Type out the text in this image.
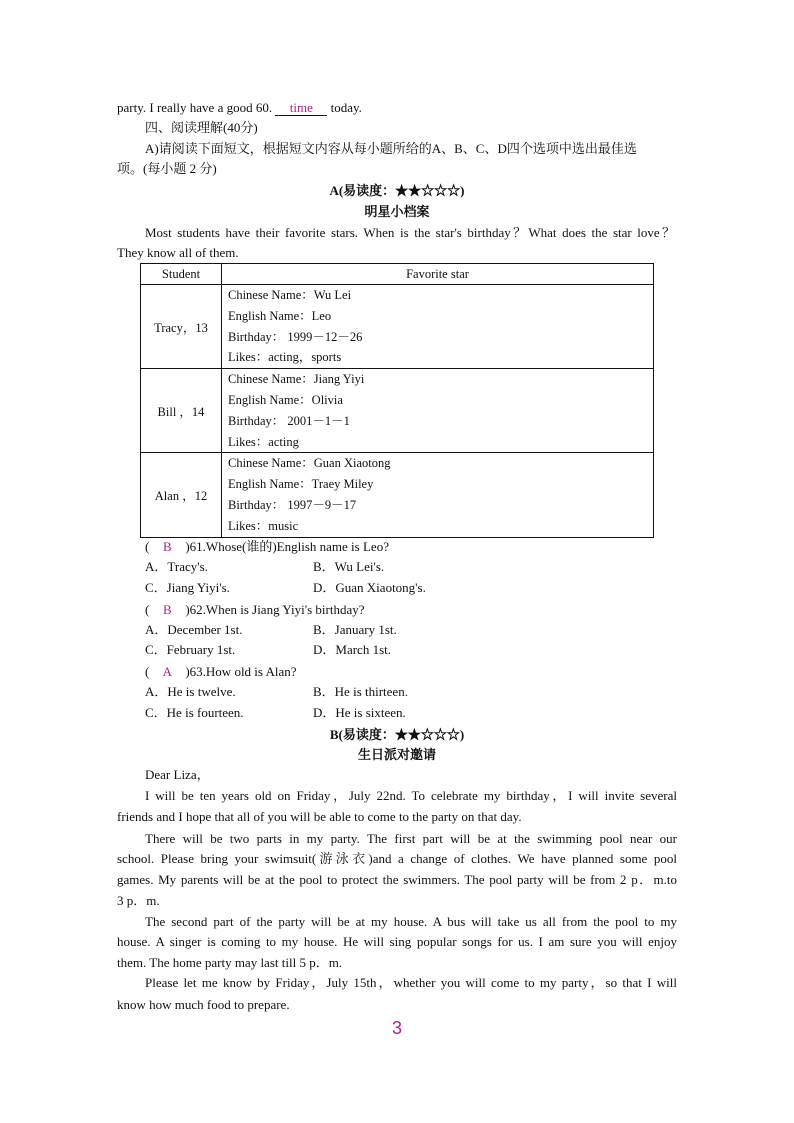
party. I really have a good 60. time today.
四、阅读理解(40分)
A)请阅读下面短文，根据短文内容从每小题所给的A、B、C、D四个选项中选出最佳选
项。(每小题 2 分)
A(易读度：★★☆☆☆)
明星小档案
Most students have their favorite stars. When is the star's birthday？What does the star love？
They know all of them.
Student	Favorite star
Tracy，13	Chinese Name：Wu Lei
English Name：Leo
Birthday： 1999－12－26
Likes：acting，sports

Bill ，14	Chinese Name：Jiang Yiyi
English Name：Olivia
Birthday： 2001－1－1
Likes：acting

Alan ，12	Chinese Name：Guan Xiaotong
English Name：Traey Miley
Birthday： 1997－9－17
Likes：music
( B )61.Whose(谁的)English name is Leo?
A．Tracy's.	B．Wu Lei's.
C．Jiang Yiyi's.	D．Guan Xiaotong's.
( B )62.When is Jiang Yiyi's birthday?
A．December 1st.	B．January 1st.
C．February 1st.	D．March 1st.
( A )63.How old is Alan?
A．He is twelve.	B．He is thirteen.
C．He is fourteen.	D．He is sixteen.
B(易读度：★★☆☆☆)
生日派对邀请
Dear Liza，
I will be ten years old on Friday，July 22nd. To celebrate my birthday，I will invite several
friends and I hope that all of you will be able to come to the party on that day.
There will be two parts in my party. The first part will be at the swimming pool near our
school. Please bring your swimsuit(游泳衣)and a change of clothes. We have planned some pool
games. My parents will be at the pool to protect the swimmers. The pool party will be from 2 p．m.to
3 p．m.
The second part of the party will be at my house. A bus will take us all from the pool to my
house. A singer is coming to my house. He will sing popular songs for us. I am sure you will enjoy
them. The home party may last till 5 p．m.
Please let me know by Friday，July 15th，whether you will come to my party，so that I will
know how much food to prepare.
3
